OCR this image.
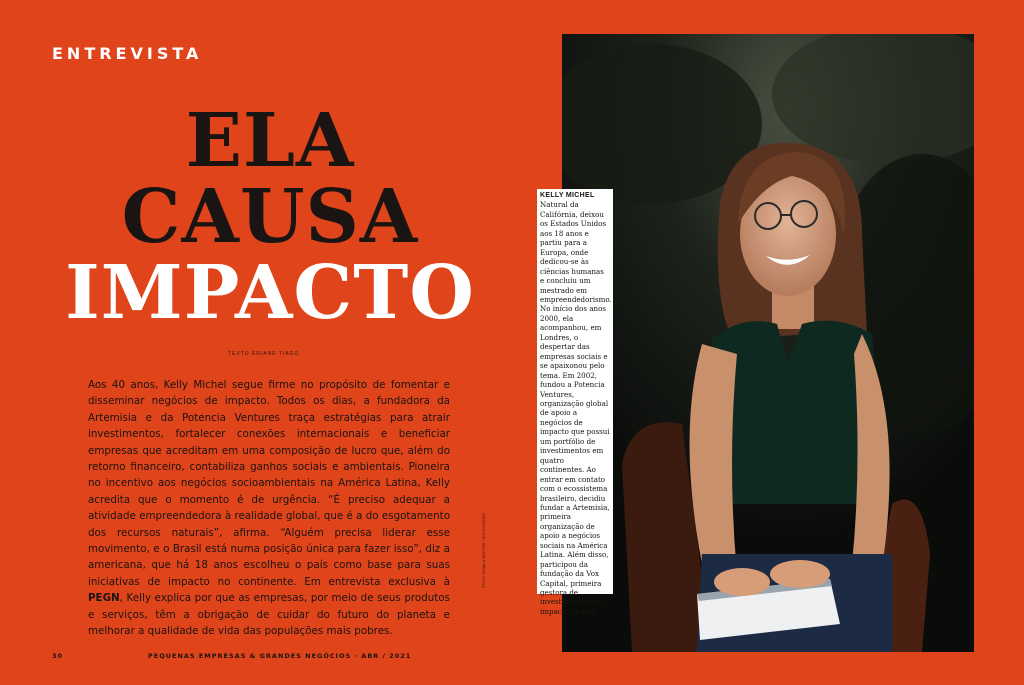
ENTREVISTA
ELA
CAUSA
IMPACTO
TEXTO ERIANE TIAGO
Aos 40 anos, Kelly Michel segue firme no propósito de fomentar e disseminar negócios de impacto. Todos os dias, a fundadora da Artemisia e da Potencia Ventures traça estratégias para atrair investimentos, fortalecer conexões internacionais e beneficiar empresas que acreditam em uma composição de lucro que, além do retorno financeiro, contabiliza ganhos sociais e ambientais. Pioneira no incentivo aos negócios socioambientais na América Latina, Kelly acredita que o momento é de urgência. “É preciso adequar a atividade empreendedora à realidade global, que é a do esgotamento dos recursos naturais”, afirma. “Alguém precisa liderar esse movimento, e o Brasil está numa posição única para fazer isso”, diz a americana, que há 18 anos escolheu o país como base para suas iniciativas de impacto no continente. Em entrevista exclusiva à PEGN, Kelly explica por que as empresas, por meio de seus produtos e serviços, têm a obrigação de cuidar do futuro do planeta e melhorar a qualidade de vida das populações mais pobres.
FOTO: CAMILA MATTOS / DIVULGAÇÃO
30	PEQUENAS EMPRESAS & GRANDES NEGÓCIOS · ABR / 2021
KELLY MICHEL
Natural da Califórnia, deixou os Estados Unidos aos 18 anos e partiu para a Europa, onde dedicou-se às ciências humanas e concluiu um mestrado em empreendedorismo. No início dos anos 2000, ela acompanhou, em Londres, o despertar das empresas sociais e se apaixonou pelo tema. Em 2002, fundou a Potencia Ventures, organização global de apoio a negócios de impacto que possui um portfólio de investimentos em quatro continentes. Ao entrar em contato com o ecossistema brasileiro, decidiu fundar a Artemisia, primeira organização de apoio a negócios sociais na América Latina. Além disso, participou da fundação da Vox Capital, primeira gestora de investimentos de impacto do país.
